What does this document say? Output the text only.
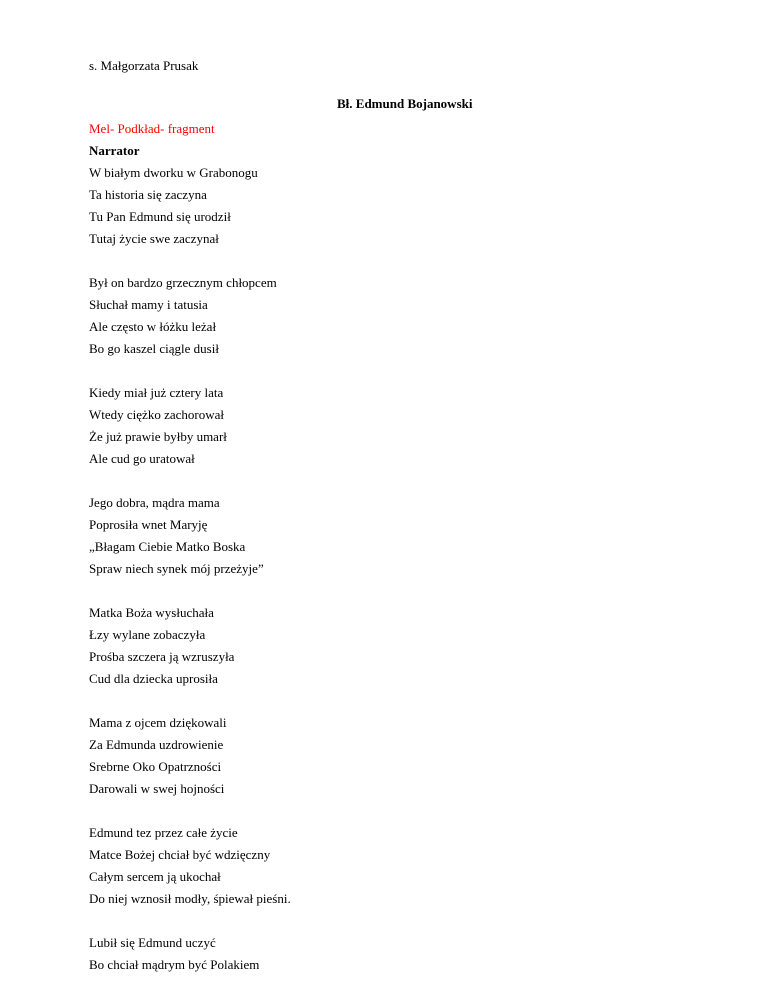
s. Małgorzata Prusak
Bł. Edmund Bojanowski
Mel- Podkład- fragment
Narrator
W białym dworku w Grabonogu
Ta historia się zaczyna
Tu Pan Edmund się urodził
Tutaj życie swe zaczynał
Był on bardzo grzecznym chłopcem
Słuchał mamy i tatusia
Ale często w łóżku leżał
Bo go kaszel ciągle dusił
Kiedy miał już cztery lata
Wtedy ciężko zachorował
Że już prawie byłby umarł
Ale cud go uratował
Jego dobra, mądra mama
Poprosiła wnet Maryję
„Błagam Ciebie Matko Boska
Spraw niech synek mój przeżyje”
Matka Boża wysłuchała
Łzy wylane zobaczyła
Prośba szczera ją wzruszyła
Cud dla dziecka uprosiła
Mama z ojcem dziękowali
Za Edmunda uzdrowienie
Srebrne Oko Opatrzności
Darowali w swej hojności
Edmund tez przez całe życie
Matce Bożej chciał być wdzięczny
Całym sercem ją ukochał
Do niej wznosił modły, śpiewał pieśni.
Lubił się Edmund uczyć
Bo chciał mądrym być Polakiem
